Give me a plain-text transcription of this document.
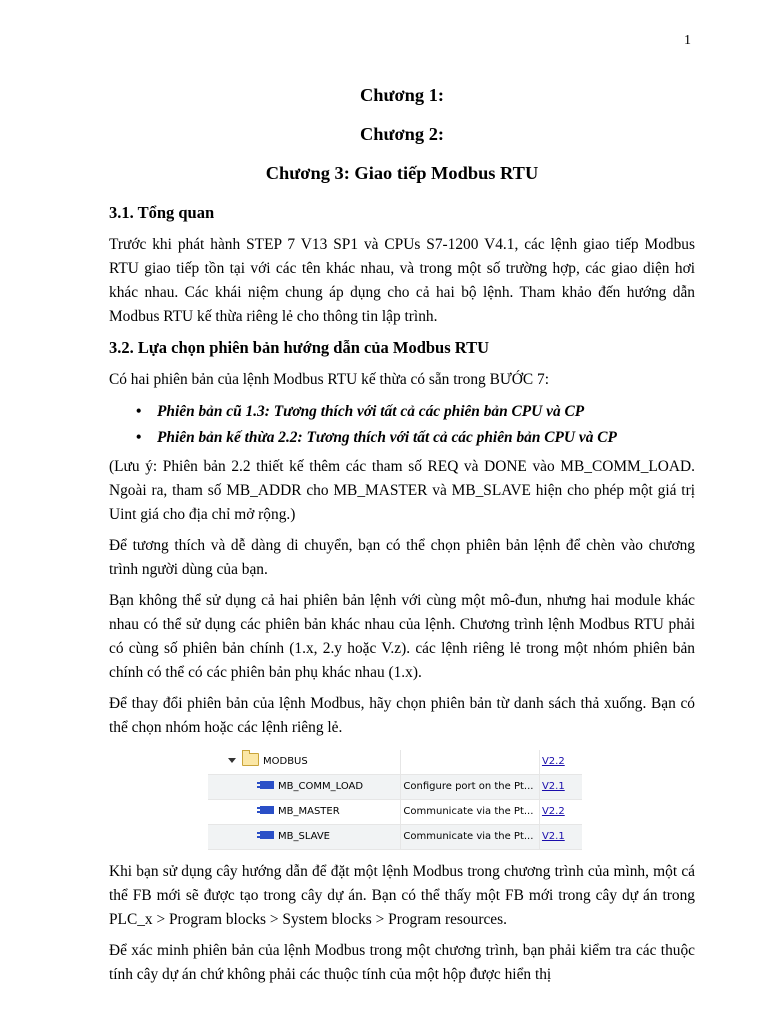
1
Chương 1:
Chương 2:
Chương 3: Giao tiếp Modbus RTU
3.1. Tổng quan

Trước khi phát hành STEP 7 V13 SP1 và CPUs S7-1200 V4.1, các lệnh giao tiếp Modbus RTU giao tiếp tồn tại với các tên khác nhau, và trong một số trường hợp, các giao diện hơi khác nhau. Các khái niệm chung áp dụng cho cả hai bộ lệnh. Tham khảo đến hướng dẫn Modbus RTU kế thừa riêng lẻ cho thông tin lập trình.

3.2. Lựa chọn phiên bản hướng dẫn của Modbus RTU

Có hai phiên bản của lệnh Modbus RTU kế thừa có sẵn trong BƯỚC 7:

• Phiên bản cũ 1.3: Tương thích với tất cả các phiên bản CPU và CP
• Phiên bản kế thừa 2.2: Tương thích với tất cả các phiên bản CPU và CP

(Lưu ý: Phiên bản 2.2 thiết kế thêm các tham số REQ và DONE vào MB_COMM_LOAD. Ngoài ra, tham số MB_ADDR cho MB_MASTER và MB_SLAVE hiện cho phép một giá trị Uint giá cho địa chỉ mở rộng.)

Để tương thích và dễ dàng di chuyển, bạn có thể chọn phiên bản lệnh để chèn vào chương trình người dùng của bạn.

Bạn không thể sử dụng cả hai phiên bản lệnh với cùng một mô-đun, nhưng hai module khác nhau có thể sử dụng các phiên bản khác nhau của lệnh. Chương trình lệnh Modbus RTU phải có cùng số phiên bản chính (1.x, 2.y hoặc V.z). các lệnh riêng lẻ trong một nhóm phiên bản chính có thể có các phiên bản phụ khác nhau (1.x).

Để thay đổi phiên bản của lệnh Modbus, hãy chọn phiên bản từ danh sách thả xuống. Bạn có thể chọn nhóm hoặc các lệnh riêng lẻ.

MODBUS		V2.2
MB_COMM_LOAD	Configure port on the Pt...	V2.1
MB_MASTER	Communicate via the Pt...	V2.2
MB_SLAVE	Communicate via the Pt...	V2.1

Khi bạn sử dụng cây hướng dẫn để đặt một lệnh Modbus trong chương trình của mình, một cá thể FB mới sẽ được tạo trong cây dự án. Bạn có thể thấy một FB mới trong cây dự án trong PLC_x > Program blocks > System blocks > Program resources.

Để xác minh phiên bản của lệnh Modbus trong một chương trình, bạn phải kiểm tra các thuộc tính cây dự án chứ không phải các thuộc tính của một hộp được hiển thị
